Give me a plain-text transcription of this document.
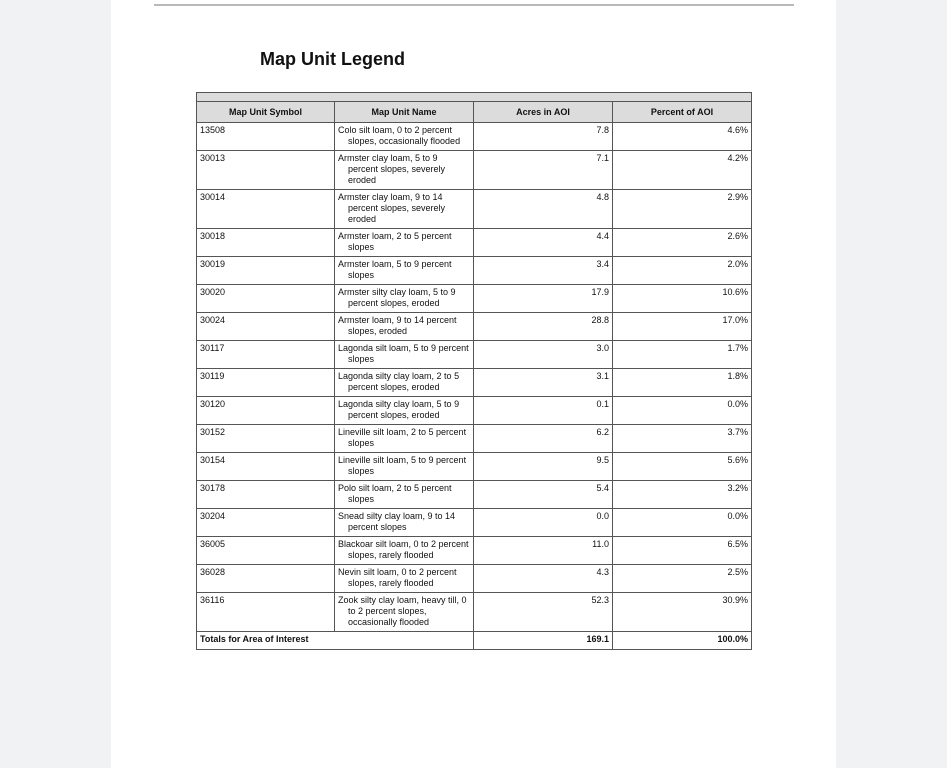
Map Unit Legend

Map Unit Symbol	Map Unit Name	Acres in AOI	Percent of AOI
13508	Colo silt loam, 0 to 2 percent slopes, occasionally flooded	7.8	4.6%
30013	Armster clay loam, 5 to 9 percent slopes, severely eroded	7.1	4.2%
30014	Armster clay loam, 9 to 14 percent slopes, severely eroded	4.8	2.9%
30018	Armster loam, 2 to 5 percent slopes	4.4	2.6%
30019	Armster loam, 5 to 9 percent slopes	3.4	2.0%
30020	Armster silty clay loam, 5 to 9 percent slopes, eroded	17.9	10.6%
30024	Armster loam, 9 to 14 percent slopes, eroded	28.8	17.0%
30117	Lagonda silt loam, 5 to 9 percent slopes	3.0	1.7%
30119	Lagonda silty clay loam, 2 to 5 percent slopes, eroded	3.1	1.8%
30120	Lagonda silty clay loam, 5 to 9 percent slopes, eroded	0.1	0.0%
30152	Lineville silt loam, 2 to 5 percent slopes	6.2	3.7%
30154	Lineville silt loam, 5 to 9 percent slopes	9.5	5.6%
30178	Polo silt loam, 2 to 5 percent slopes	5.4	3.2%
30204	Snead silty clay loam, 9 to 14 percent slopes	0.0	0.0%
36005	Blackoar silt loam, 0 to 2 percent slopes, rarely flooded	11.0	6.5%
36028	Nevin silt loam, 0 to 2 percent slopes, rarely flooded	4.3	2.5%
36116	Zook silty clay loam, heavy till, 0 to 2 percent slopes, occasionally flooded	52.3	30.9%
Totals for Area of Interest		169.1	100.0%
